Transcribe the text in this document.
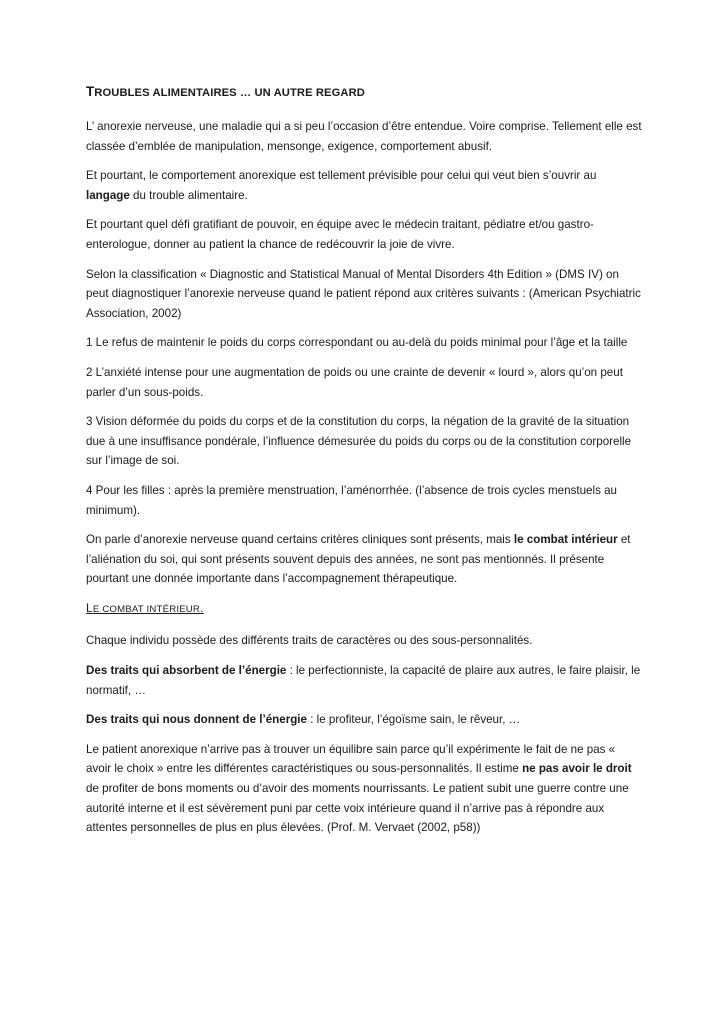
TROUBLES ALIMENTAIRES … UN AUTRE REGARD

L’ anorexie nerveuse, une maladie qui a si peu l’occasion d’être entendue. Voire comprise. Tellement elle est classée d’emblée de manipulation, mensonge, exigence, comportement abusif.

Et pourtant, le comportement anorexique est tellement prévisible pour celui qui veut bien s’ouvrir au langage du trouble alimentaire.

Et pourtant quel défi gratifiant de pouvoir, en équipe avec le médecin traitant, pédiatre et/ou gastro-enterologue, donner au patient la chance de redécouvrir la joie de vivre.

Selon la classification « Diagnostic and Statistical Manual of Mental Disorders 4th Edition » (DMS IV) on peut diagnostiquer l’anorexie nerveuse quand le patient répond aux critères suivants : (American Psychiatric Association, 2002)

1 Le refus de maintenir le poids du corps correspondant ou au-delà du poids minimal pour l’âge et la taille

2 L’anxiété intense pour une augmentation de poids ou une crainte de devenir « lourd », alors qu’on peut parler d’un sous-poids.

3 Vision déformée du poids du corps et de la constitution du corps, la négation de la gravité de la situation due à une insuffisance pondérale, l’influence démesurée du poids du corps ou de la constitution corporelle sur l’image de soi.

4 Pour les filles : après la première menstruation, l’aménorrhée. (l’absence de trois cycles menstuels au minimum).

On parle d’anorexie nerveuse quand certains critères cliniques sont présents, mais le combat intérieur et l’aliénation du soi, qui sont présents souvent depuis des années, ne sont pas mentionnés. Il présente pourtant une donnée importante dans l’accompagnement thérapeutique.

LE COMBAT INTÉRIEUR.

Chaque individu possède des différents traits de caractères ou des sous-personnalités.

Des traits qui absorbent de l’énergie : le perfectionniste, la capacité de plaire aux autres, le faire plaisir, le normatif, …

Des traits qui nous donnent de l’énergie : le profiteur, l’égoïsme sain, le rêveur, …

Le patient anorexique n’arrive pas à trouver un équilibre sain parce qu’il expérimente le fait de ne pas « avoir le choix » entre les différentes caractéristiques ou sous-personnalités. Il estime ne pas avoir le droit de profiter de bons moments ou d’avoir des moments nourrissants. Le patient subit une guerre contre une autorité interne et il est sévèrement puni par cette voix intérieure quand il n’arrive pas à répondre aux attentes personnelles de plus en plus élevées. (Prof. M. Vervaet (2002, p58))
